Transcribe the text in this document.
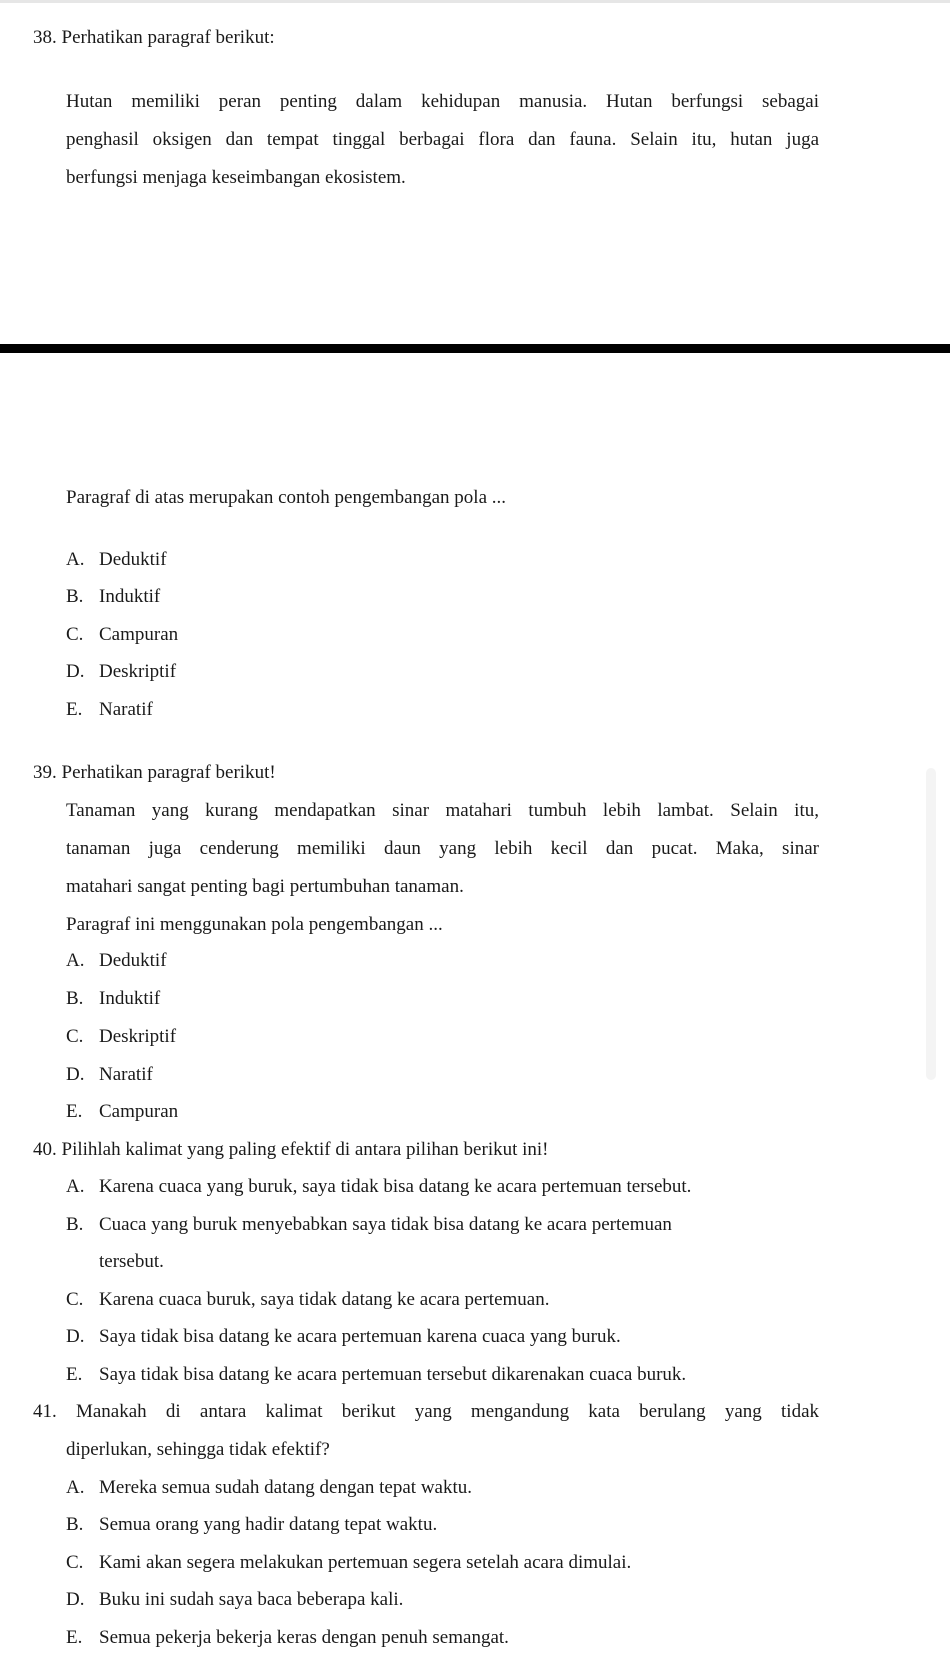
38. Perhatikan paragraf berikut:
Hutan memiliki peran penting dalam kehidupan manusia. Hutan berfungsi sebagai
penghasil oksigen dan tempat tinggal berbagai flora dan fauna. Selain itu, hutan juga
berfungsi menjaga keseimbangan ekosistem.
Paragraf di atas merupakan contoh pengembangan pola ...
A. Deduktif
B. Induktif
C. Campuran
D. Deskriptif
E. Naratif
39. Perhatikan paragraf berikut!
Tanaman yang kurang mendapatkan sinar matahari tumbuh lebih lambat. Selain itu,
tanaman juga cenderung memiliki daun yang lebih kecil dan pucat. Maka, sinar
matahari sangat penting bagi pertumbuhan tanaman.
Paragraf ini menggunakan pola pengembangan ...
A. Deduktif
B. Induktif
C. Deskriptif
D. Naratif
E. Campuran
40. Pilihlah kalimat yang paling efektif di antara pilihan berikut ini!
A. Karena cuaca yang buruk, saya tidak bisa datang ke acara pertemuan tersebut.
B. Cuaca yang buruk menyebabkan saya tidak bisa datang ke acara pertemuan
tersebut.
C. Karena cuaca buruk, saya tidak datang ke acara pertemuan.
D. Saya tidak bisa datang ke acara pertemuan karena cuaca yang buruk.
E. Saya tidak bisa datang ke acara pertemuan tersebut dikarenakan cuaca buruk.
41. Manakah di antara kalimat berikut yang mengandung kata berulang yang tidak
diperlukan, sehingga tidak efektif?
A. Mereka semua sudah datang dengan tepat waktu.
B. Semua orang yang hadir datang tepat waktu.
C. Kami akan segera melakukan pertemuan segera setelah acara dimulai.
D. Buku ini sudah saya baca beberapa kali.
E. Semua pekerja bekerja keras dengan penuh semangat.
